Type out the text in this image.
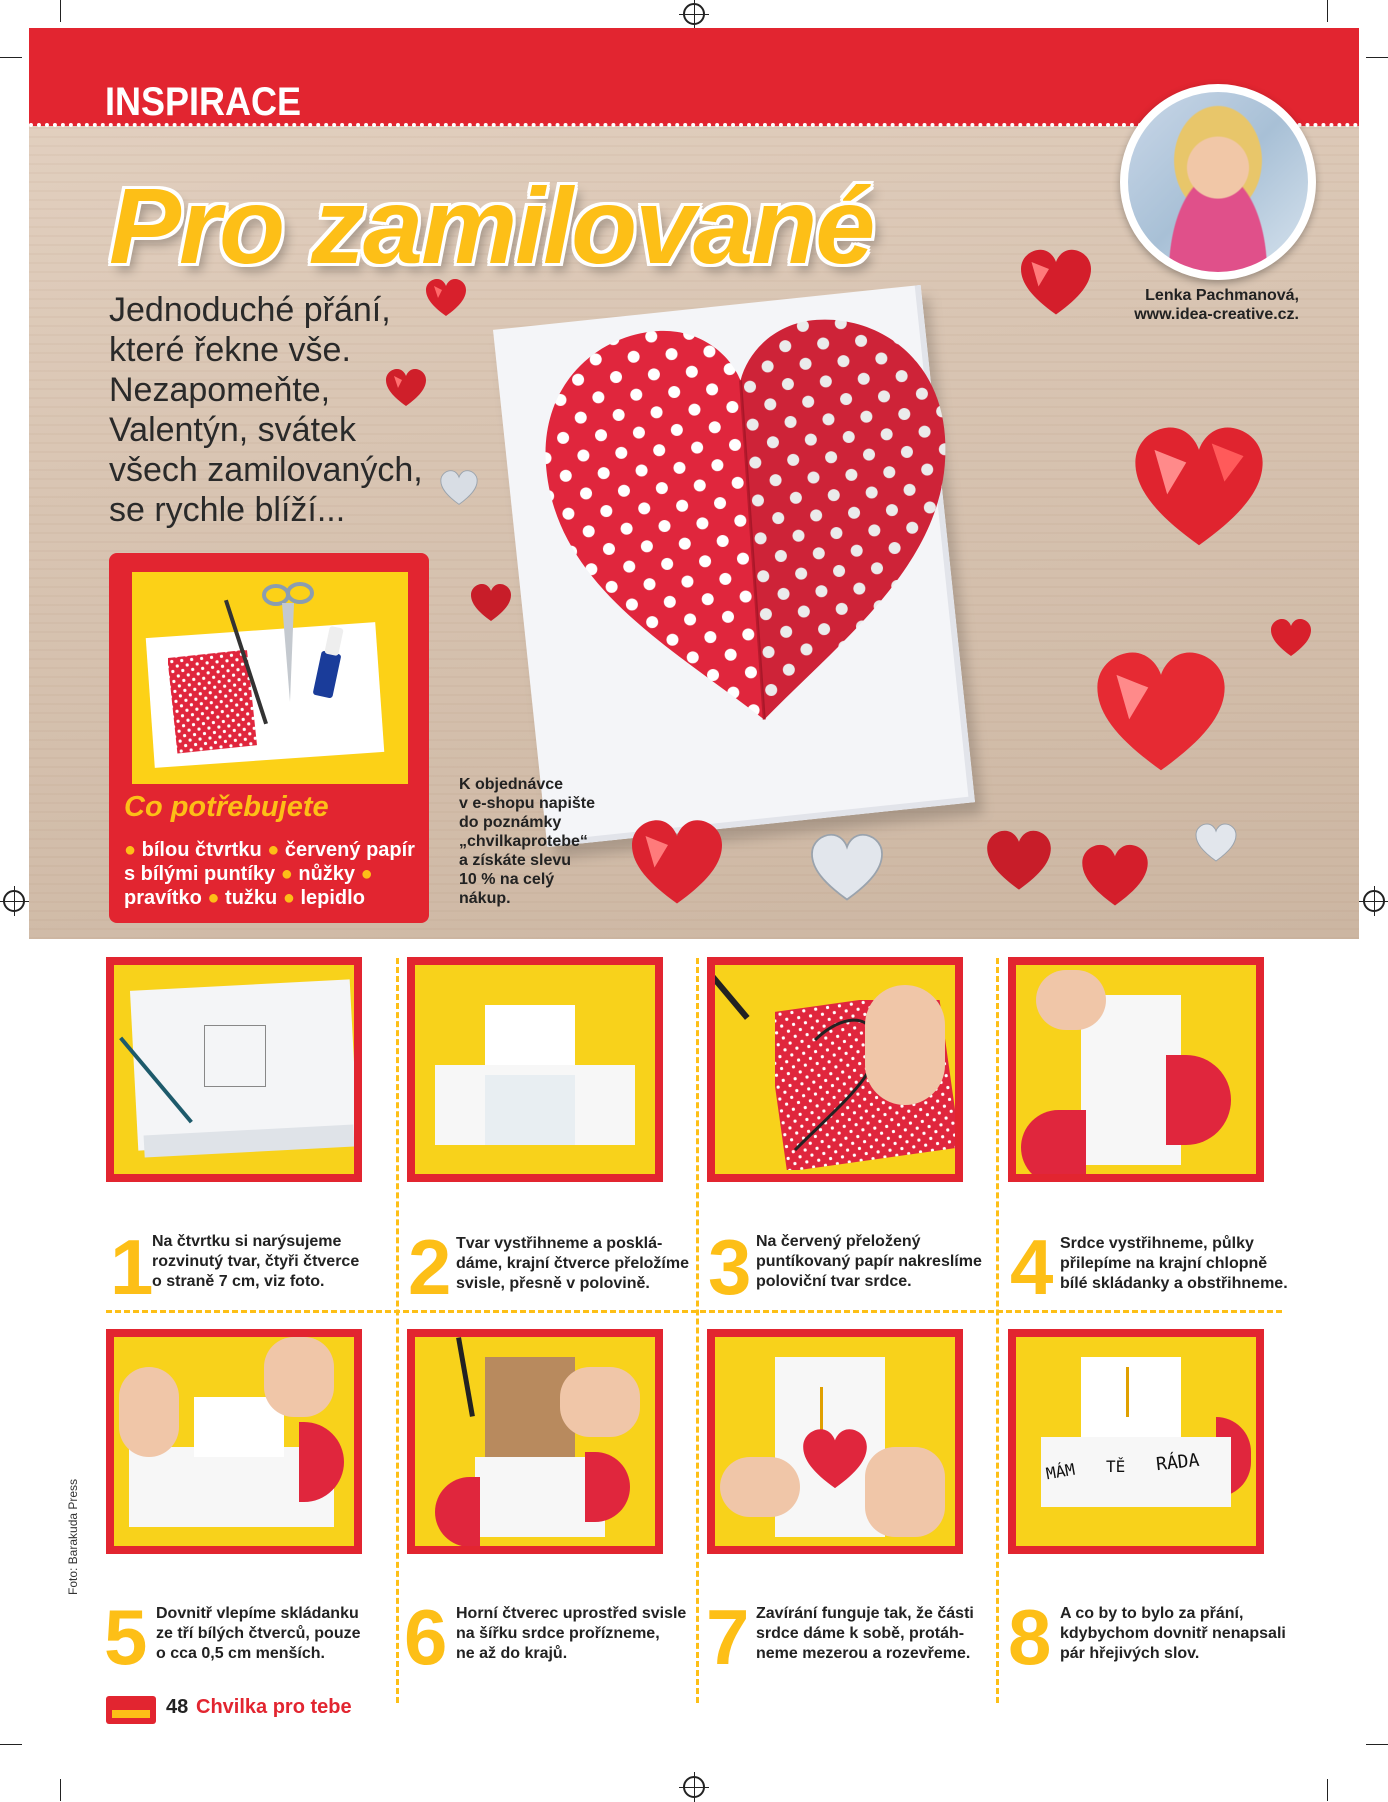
INSPIRACE
Pro zamilované
Jednoduché přání, které řekne vše. Nezapomeňte, Valentýn, svátek všech zamilovaných, se rychle blíží...
Lenka Pachmanová,
www.idea-creative.cz.
Co potřebujete
● bílou čtvrtku ● červený papír s bílými puntíky ● nůžky ● pravítko ● tužku ● lepidlo
K objednávce
v e-shopu napište
do poznámky
„chvilkaprotebe“
a získáte slevu
10 % na celý
nákup.
1
Na čtvrtku si narýsujeme
rozvinutý tvar, čtyři čtverce
o straně 7 cm, viz foto.	2 Tvar vystřihneme a posklá-
dáme, krajní čtverce přeložíme
svisle, přesně v polovině. 3 Na červený přeložený
puntíkovaný papír nakreslíme
poloviční tvar srdce.	4 Srdce vystřihneme, půlky
přilepíme na krajní chlopně
bílé skládanky a obstřihneme.
MÁM TĚ RÁDA
5 Dovnitř vlepíme skládanku
ze tří bílých čtverců, pouze
o cca 0,5 cm menších.	6 Horní čtverec uprostřed svisle
na šířku srdce prořízneme,
ne až do krajů.	7 Zavírání funguje tak, že části
srdce dáme k sobě, protáh-
neme mezerou a rozevřeme. 8 A co by to bylo za přání,
kdybychom dovnitř nenapsali
pár hřejivých slov.
Foto: Barakuda Press
48 Chvilka pro tebe
